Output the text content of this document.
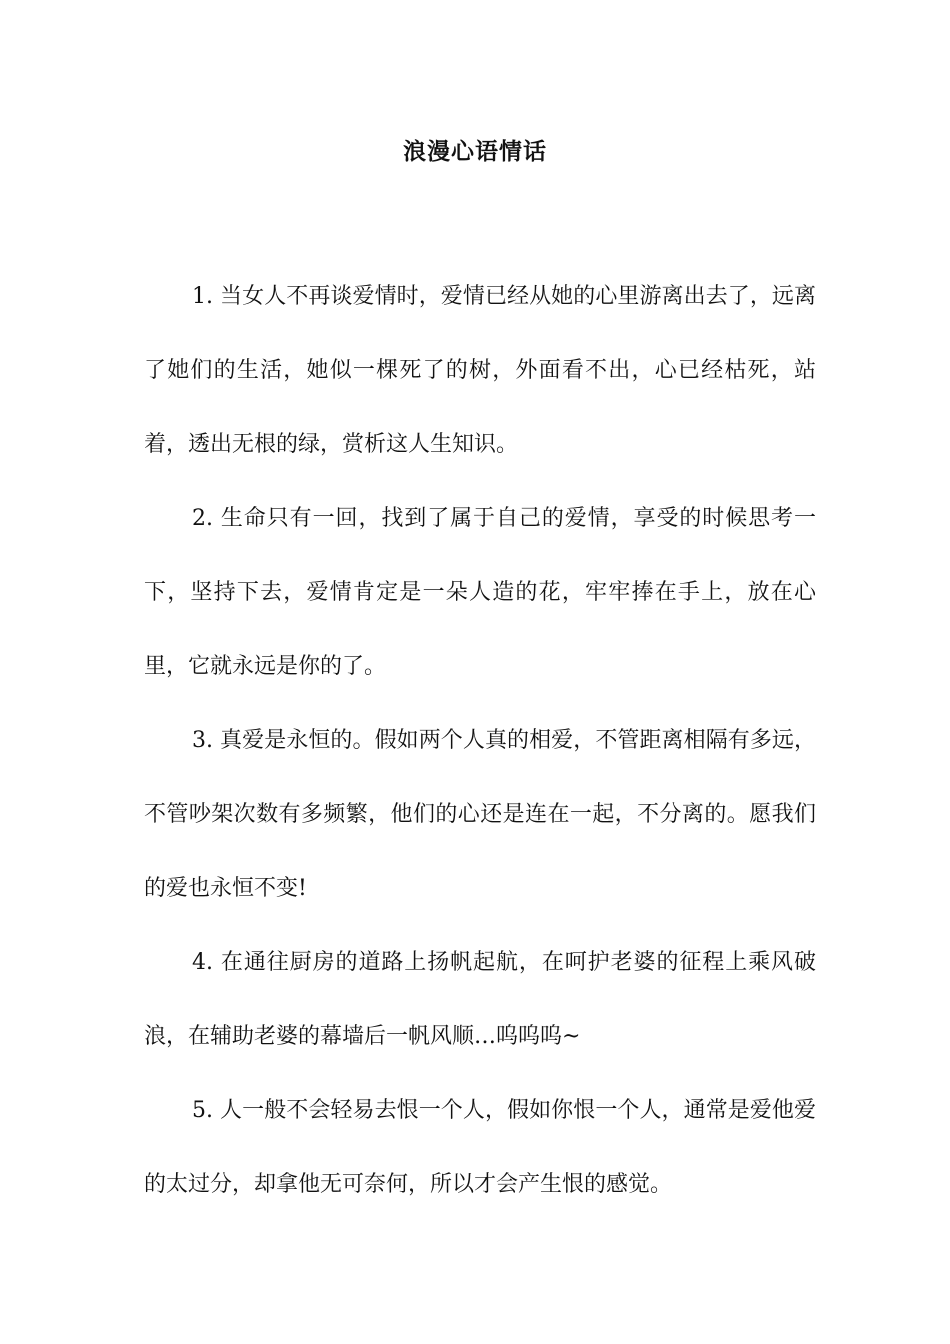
浪漫心语情话

1. 当女人不再谈爱情时，爱情已经从她的心里游离出去了，远离了她们的生活，她似一棵死了的树，外面看不出，心已经枯死，站着，透出无根的绿，赏析这人生知识。

2. 生命只有一回，找到了属于自己的爱情，享受的时候思考一下，坚持下去，爱情肯定是一朵人造的花，牢牢捧在手上，放在心里，它就永远是你的了。

3. 真爱是永恒的。假如两个人真的相爱，不管距离相隔有多远，不管吵架次数有多频繁，他们的心还是连在一起，不分离的。愿我们的爱也永恒不变!

4. 在通往厨房的道路上扬帆起航，在呵护老婆的征程上乘风破浪，在辅助老婆的幕墙后一帆风顺…呜呜呜~

5. 人一般不会轻易去恨一个人，假如你恨一个人，通常是爱他爱的太过分，却拿他无可奈何，所以才会产生恨的感觉。
